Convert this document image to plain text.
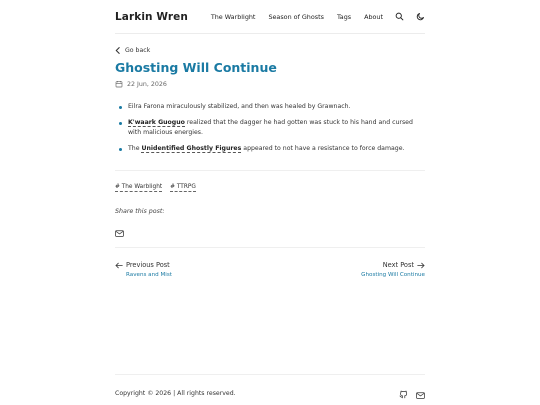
Larkin Wren	The Warblight Season of Ghosts Tags About
Go back
Ghosting Will Continue
22 Jun, 2026
Eilra Farona miraculously stabilized, and then was healed by Grawnach.
K'waark Guoguo realized that the dagger he had gotten was stuck to his hand and cursed with malicious energies.
The Unidentified Ghostly Figures appeared to not have a resistance to force damage.
# The Warblight # TTRPG
Share this post:
Previous Post
Ravens and Mist
Next Post
Ghosting Will Continue
Copyright © 2026 | All rights reserved.
